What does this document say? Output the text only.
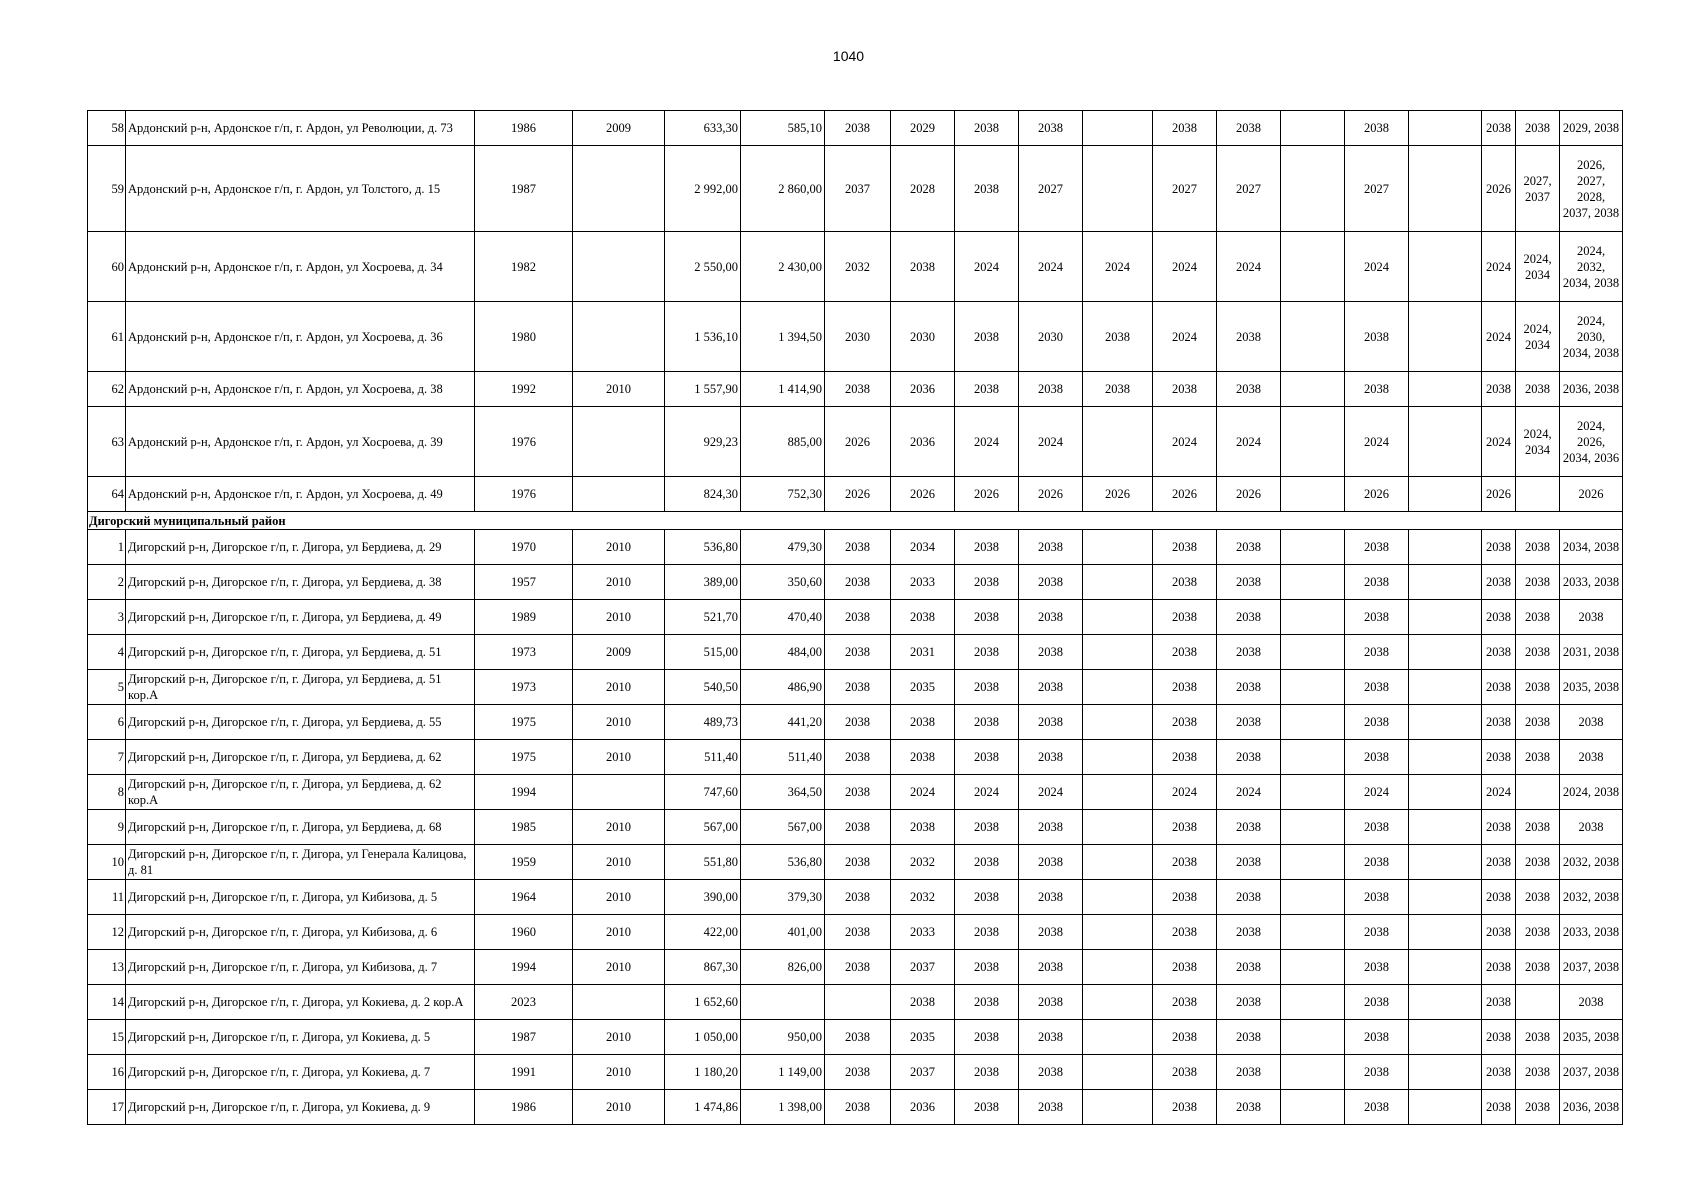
1040
58	Ардонский р-н, Ардонское г/п, г. Ардон, ул Революции, д. 73	1986	2009	633,30	585,10	2038	2029	2038	2038		2038	2038		2038		2038	2038	2029, 2038
59	Ардонский р-н, Ардонское г/п, г. Ардон, ул Толстого, д. 15	1987		2 992,00	2 860,00	2037	2028	2038	2027		2027	2027		2027		2026	2027, 2037	2026, 2027, 2028, 2037, 2038
60	Ардонский р-н, Ардонское г/п, г. Ардон, ул Хосроева, д. 34	1982		2 550,00	2 430,00	2032	2038	2024	2024	2024	2024	2024		2024		2024	2024, 2034	2024, 2032, 2034, 2038
61	Ардонский р-н, Ардонское г/п, г. Ардон, ул Хосроева, д. 36	1980		1 536,10	1 394,50	2030	2030	2038	2030	2038	2024	2038		2038		2024	2024, 2034	2024, 2030, 2034, 2038
62	Ардонский р-н, Ардонское г/п, г. Ардон, ул Хосроева, д. 38	1992	2010	1 557,90	1 414,90	2038	2036	2038	2038	2038	2038	2038		2038		2038	2038	2036, 2038
63	Ардонский р-н, Ардонское г/п, г. Ардон, ул Хосроева, д. 39	1976		929,23	885,00	2026	2036	2024	2024		2024	2024		2024		2024	2024, 2034	2024, 2026, 2034, 2036
64	Ардонский р-н, Ардонское г/п, г. Ардон, ул Хосроева, д. 49	1976		824,30	752,30	2026	2026	2026	2026	2026	2026	2026		2026		2026		2026
Дигорский муниципальный район																		
1	Дигорский р-н, Дигорское г/п, г. Дигора, ул Бердиева, д. 29	1970	2010	536,80	479,30	2038	2034	2038	2038		2038	2038		2038		2038	2038	2034, 2038
2	Дигорский р-н, Дигорское г/п, г. Дигора, ул Бердиева, д. 38	1957	2010	389,00	350,60	2038	2033	2038	2038		2038	2038		2038		2038	2038	2033, 2038
3	Дигорский р-н, Дигорское г/п, г. Дигора, ул Бердиева, д. 49	1989	2010	521,70	470,40	2038	2038	2038	2038		2038	2038		2038		2038	2038	2038
4	Дигорский р-н, Дигорское г/п, г. Дигора, ул Бердиева, д. 51	1973	2009	515,00	484,00	2038	2031	2038	2038		2038	2038		2038		2038	2038	2031, 2038
5	Дигорский р-н, Дигорское г/п, г. Дигора, ул Бердиева, д. 51 кор.А	1973	2010	540,50	486,90	2038	2035	2038	2038		2038	2038		2038		2038	2038	2035, 2038
6	Дигорский р-н, Дигорское г/п, г. Дигора, ул Бердиева, д. 55	1975	2010	489,73	441,20	2038	2038	2038	2038		2038	2038		2038		2038	2038	2038
7	Дигорский р-н, Дигорское г/п, г. Дигора, ул Бердиева, д. 62	1975	2010	511,40	511,40	2038	2038	2038	2038		2038	2038		2038		2038	2038	2038
8	Дигорский р-н, Дигорское г/п, г. Дигора, ул Бердиева, д. 62 кор.А	1994		747,60	364,50	2038	2024	2024	2024		2024	2024		2024		2024		2024, 2038
9	Дигорский р-н, Дигорское г/п, г. Дигора, ул Бердиева, д. 68	1985	2010	567,00	567,00	2038	2038	2038	2038		2038	2038		2038		2038	2038	2038
10	Дигорский р-н, Дигорское г/п, г. Дигора, ул Генерала Калицова, д. 81	1959	2010	551,80	536,80	2038	2032	2038	2038		2038	2038		2038		2038	2038	2032, 2038
11	Дигорский р-н, Дигорское г/п, г. Дигора, ул Кибизова, д. 5	1964	2010	390,00	379,30	2038	2032	2038	2038		2038	2038		2038		2038	2038	2032, 2038
12	Дигорский р-н, Дигорское г/п, г. Дигора, ул Кибизова, д. 6	1960	2010	422,00	401,00	2038	2033	2038	2038		2038	2038		2038		2038	2038	2033, 2038
13	Дигорский р-н, Дигорское г/п, г. Дигора, ул Кибизова, д. 7	1994	2010	867,30	826,00	2038	2037	2038	2038		2038	2038		2038		2038	2038	2037, 2038
14	Дигорский р-н, Дигорское г/п, г. Дигора, ул Кокиева, д. 2 кор.А	2023		1 652,60			2038	2038	2038		2038	2038		2038		2038		2038
15	Дигорский р-н, Дигорское г/п, г. Дигора, ул Кокиева, д. 5	1987	2010	1 050,00	950,00	2038	2035	2038	2038		2038	2038		2038		2038	2038	2035, 2038
16	Дигорский р-н, Дигорское г/п, г. Дигора, ул Кокиева, д. 7	1991	2010	1 180,20	1 149,00	2038	2037	2038	2038		2038	2038		2038		2038	2038	2037, 2038
17	Дигорский р-н, Дигорское г/п, г. Дигора, ул Кокиева, д. 9	1986	2010	1 474,86	1 398,00	2038	2036	2038	2038		2038	2038		2038		2038	2038	2036, 2038
